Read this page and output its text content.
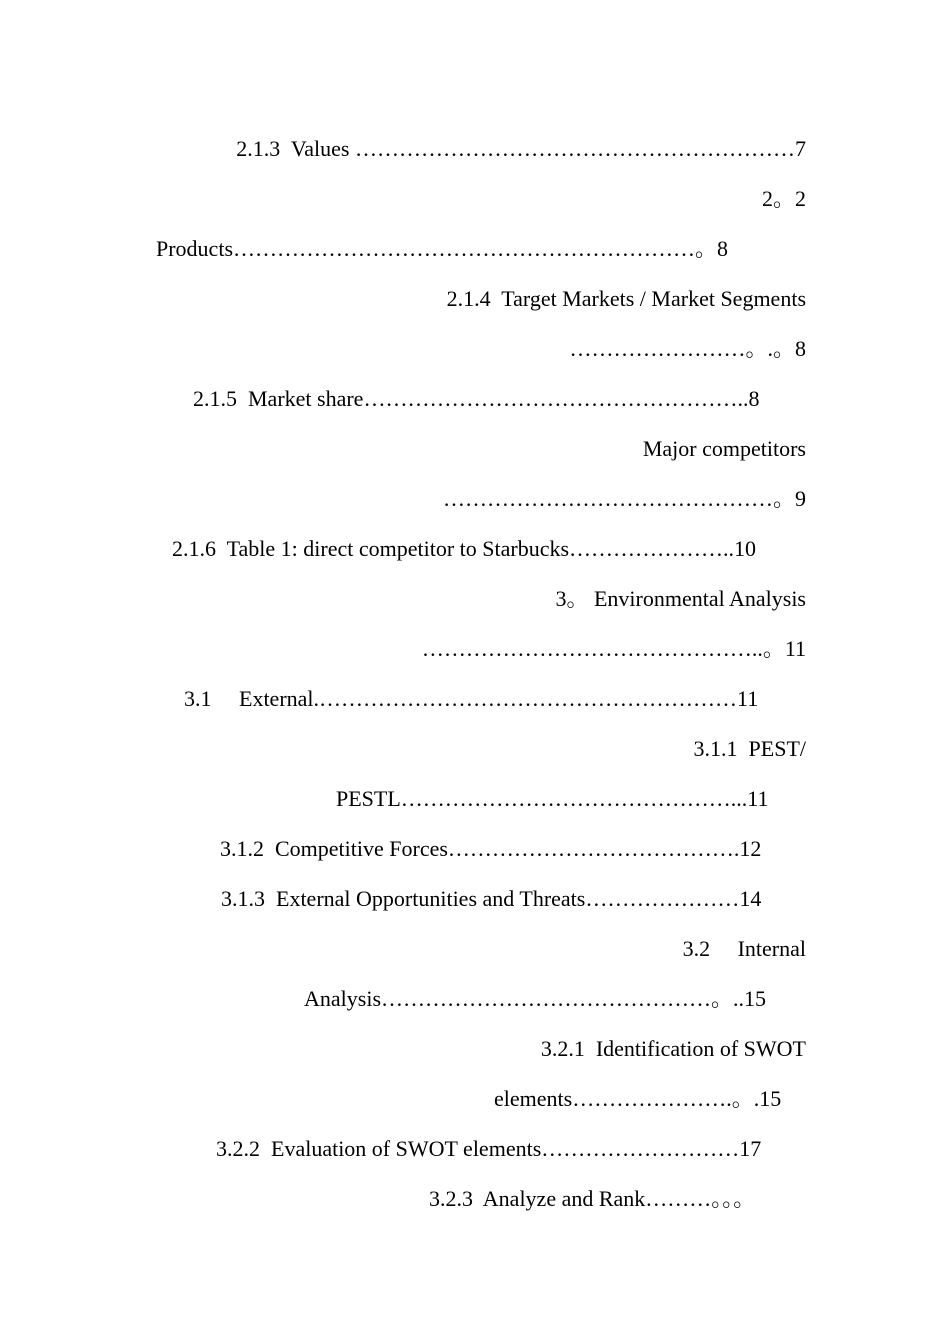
2.1.3  Values ……………………………………………………7
2。2
Products………………………………………………………。8
2.1.4  Target Markets / Market Segments
……………………。.。8
2.1.5  Market share……………………………………………..8
Major competitors
………………………………………。9
2.1.6  Table 1: direct competitor to Starbucks…………………..10
3。 Environmental Analysis
………………………………………..。11
3.1     External.…………………………………………………11
3.1.1  PEST/
PESTL………………………………………...11
3.1.2  Competitive Forces………………………………….12
3.1.3  External Opportunities and Threats…………………14
3.2     Internal
Analysis………………………………………。..15
3.2.1  Identification of SWOT
elements………………….。.15
3.2.2  Evaluation of SWOT elements………………………17
3.2.3  Analyze and Rank………。。。
